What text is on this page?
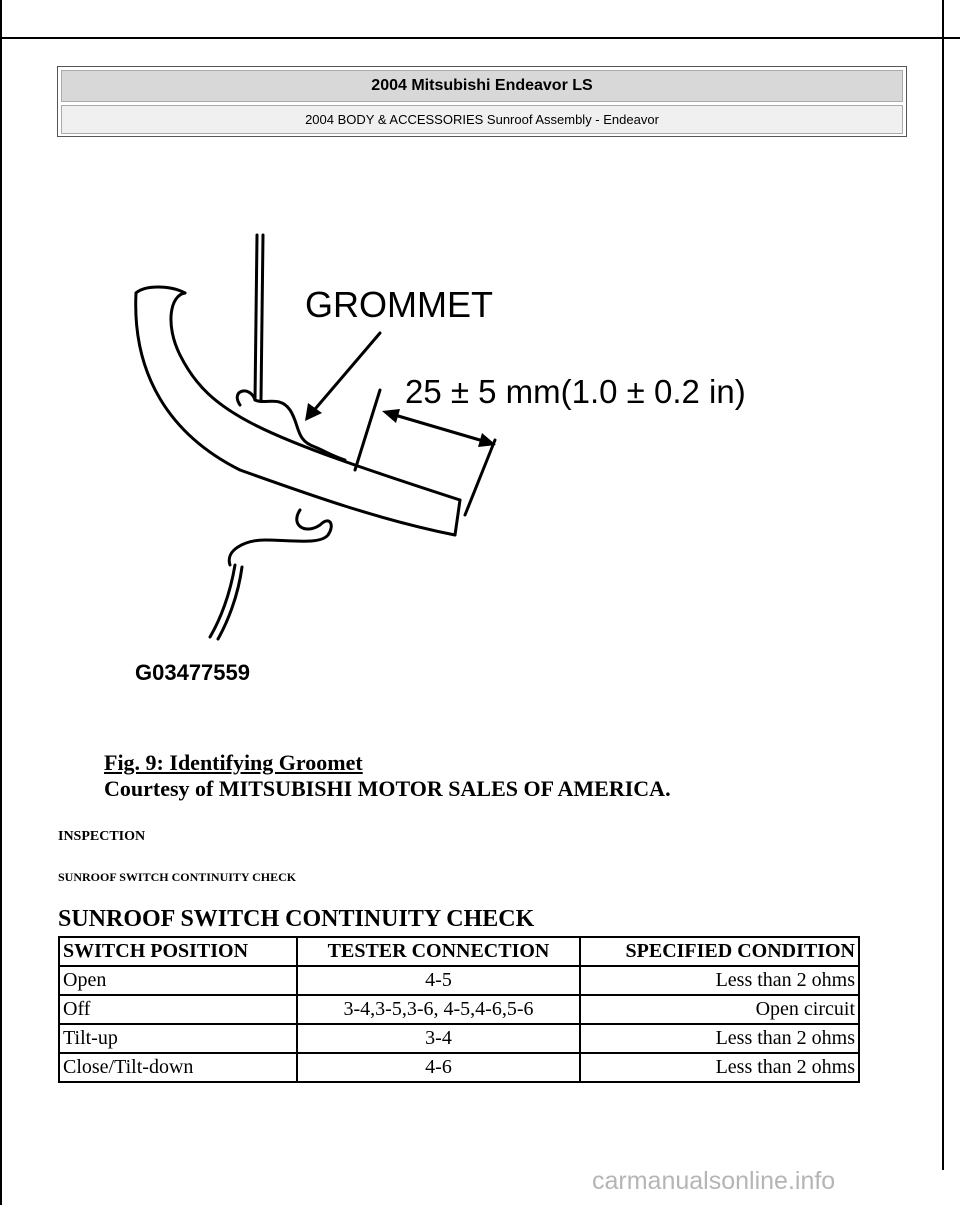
2004 Mitsubishi Endeavor LS
2004 BODY & ACCESSORIES Sunroof Assembly - Endeavor
GROMMET
25 ± 5 mm(1.0 ± 0.2 in)
G03477559
Fig. 9: Identifying Groomet
Courtesy of MITSUBISHI MOTOR SALES OF AMERICA.
INSPECTION
SUNROOF SWITCH CONTINUITY CHECK
SUNROOF SWITCH CONTINUITY CHECK
SWITCH POSITION	TESTER CONNECTION	SPECIFIED CONDITION
Open	4-5	Less than 2 ohms
Off	3-4,3-5,3-6, 4-5,4-6,5-6	Open circuit
Tilt-up	3-4	Less than 2 ohms
Close/Tilt-down	4-6	Less than 2 ohms
carmanualsonline.info
